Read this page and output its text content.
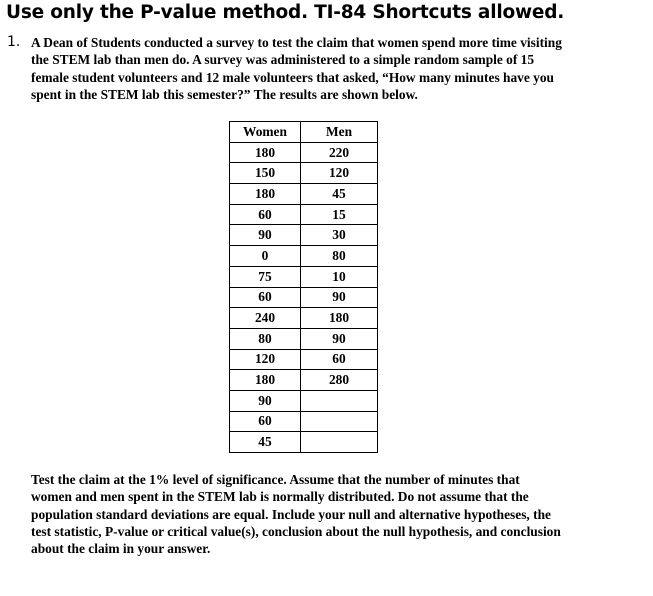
Use only the P-value method. TI-84 Shortcuts allowed.
1. A Dean of Students conducted a survey to test the claim that women spend more time visiting
the STEM lab than men do. A survey was administered to a simple random sample of 15
female student volunteers and 12 male volunteers that asked, “How many minutes have you
spent in the STEM lab this semester?” The results are shown below.
Women	Men
180	220
150	120
180	45
60	15
90	30
0	80
75	10
60	90
240	180
80	90
120	60
180	280
90	
60	
45	
Test the claim at the 1% level of significance. Assume that the number of minutes that
women and men spent in the STEM lab is normally distributed. Do not assume that the
population standard deviations are equal. Include your null and alternative hypotheses, the
test statistic, P-value or critical value(s), conclusion about the null hypothesis, and conclusion
about the claim in your answer.
